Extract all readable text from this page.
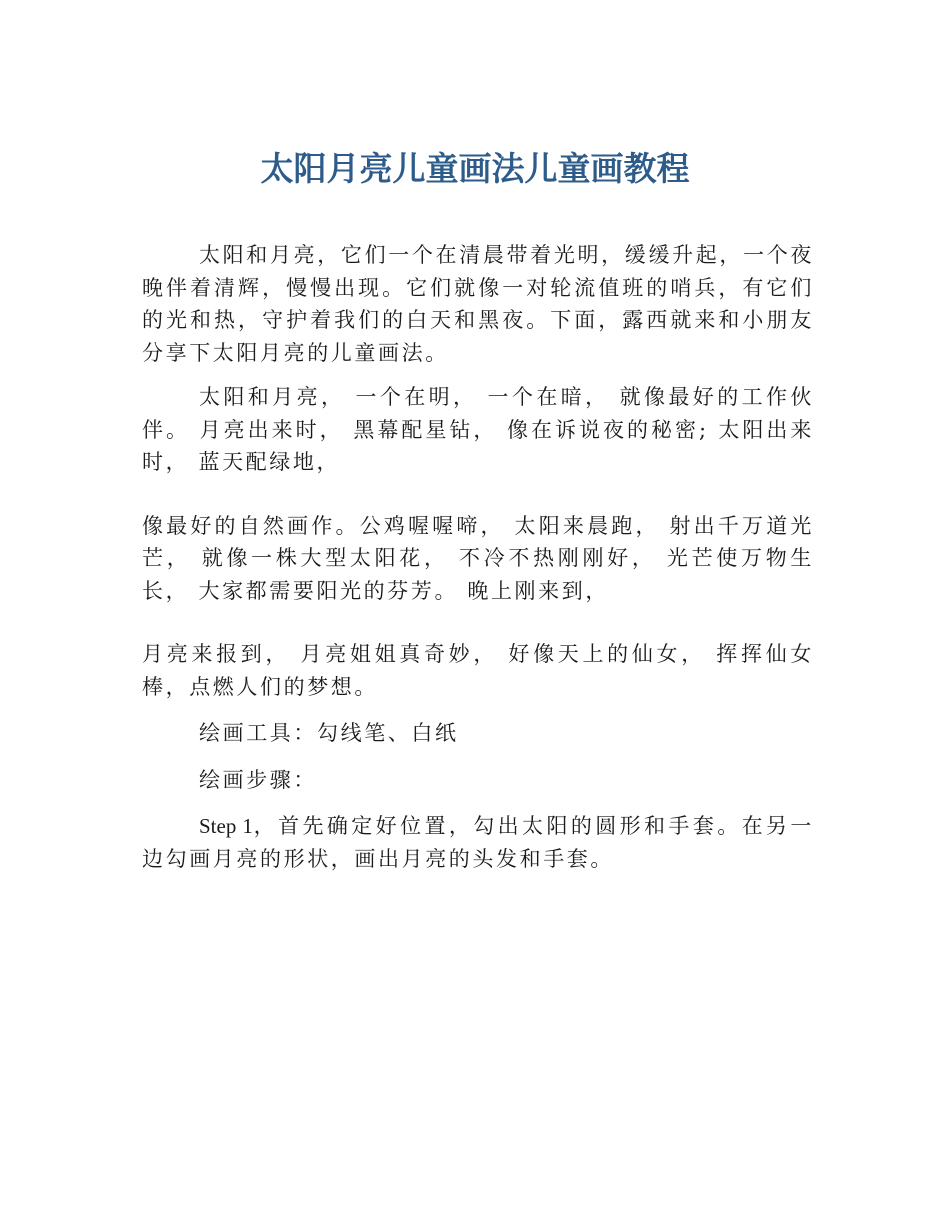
太阳月亮儿童画法儿童画教程

太阳和月亮，它们一个在清晨带着光明，缓缓升起，一个夜晚伴着清辉，慢慢出现。它们就像一对轮流值班的哨兵，有它们的光和热，守护着我们的白天和黑夜。下面，露西就来和小朋友分享下太阳月亮的儿童画法。

太阳和月亮， 一个在明， 一个在暗， 就像最好的工作伙伴。 月亮出来时， 黑幕配星钻， 像在诉说夜的秘密; 太阳出来时， 蓝天配绿地，

像最好的自然画作。公鸡喔喔啼， 太阳来晨跑， 射出千万道光芒， 就像一株大型太阳花， 不冷不热刚刚好， 光芒使万物生长， 大家都需要阳光的芬芳。 晚上刚来到，

月亮来报到， 月亮姐姐真奇妙， 好像天上的仙女， 挥挥仙女棒，点燃人们的梦想。

绘画工具：勾线笔、白纸

绘画步骤：

Step 1，首先确定好位置，勾出太阳的圆形和手套。在另一边勾画月亮的形状，画出月亮的头发和手套。
